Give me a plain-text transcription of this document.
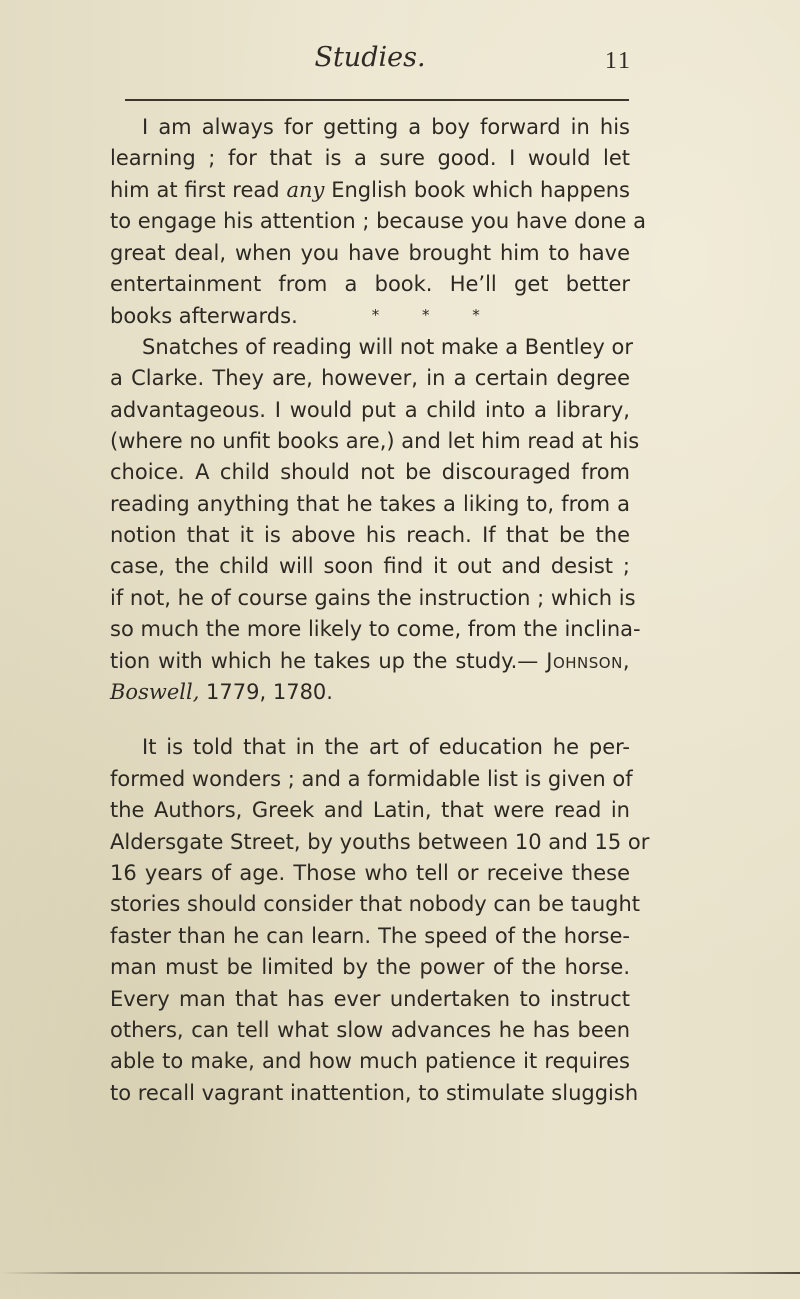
Studies.	11
I am always for getting a boy forward in his
learning ; for that is a sure good. I would let
him at first read any English book which happens
to engage his attention ; because you have done a
great deal, when you have brought him to have
entertainment from a book. He’ll get better
books afterwards.	* * *
Snatches of reading will not make a Bentley or
a Clarke. They are, however, in a certain degree
advantageous. I would put a child into a library,
(where no unfit books are,) and let him read at his
choice. A child should not be discouraged from
reading anything that he takes a liking to, from a
notion that it is above his reach. If that be the
case, the child will soon find it out and desist ;
if not, he of course gains the instruction ; which is
so much the more likely to come, from the inclina-
tion with which he takes up the study.— Johnson,
Boswell, 1779, 1780.
It is told that in the art of education he per-
formed wonders ; and a formidable list is given of
the Authors, Greek and Latin, that were read in
Aldersgate Street, by youths between 10 and 15 or
16 years of age. Those who tell or receive these
stories should consider that nobody can be taught
faster than he can learn. The speed of the horse-
man must be limited by the power of the horse.
Every man that has ever undertaken to instruct
others, can tell what slow advances he has been
able to make, and how much patience it requires
to recall vagrant inattention, to stimulate sluggish
